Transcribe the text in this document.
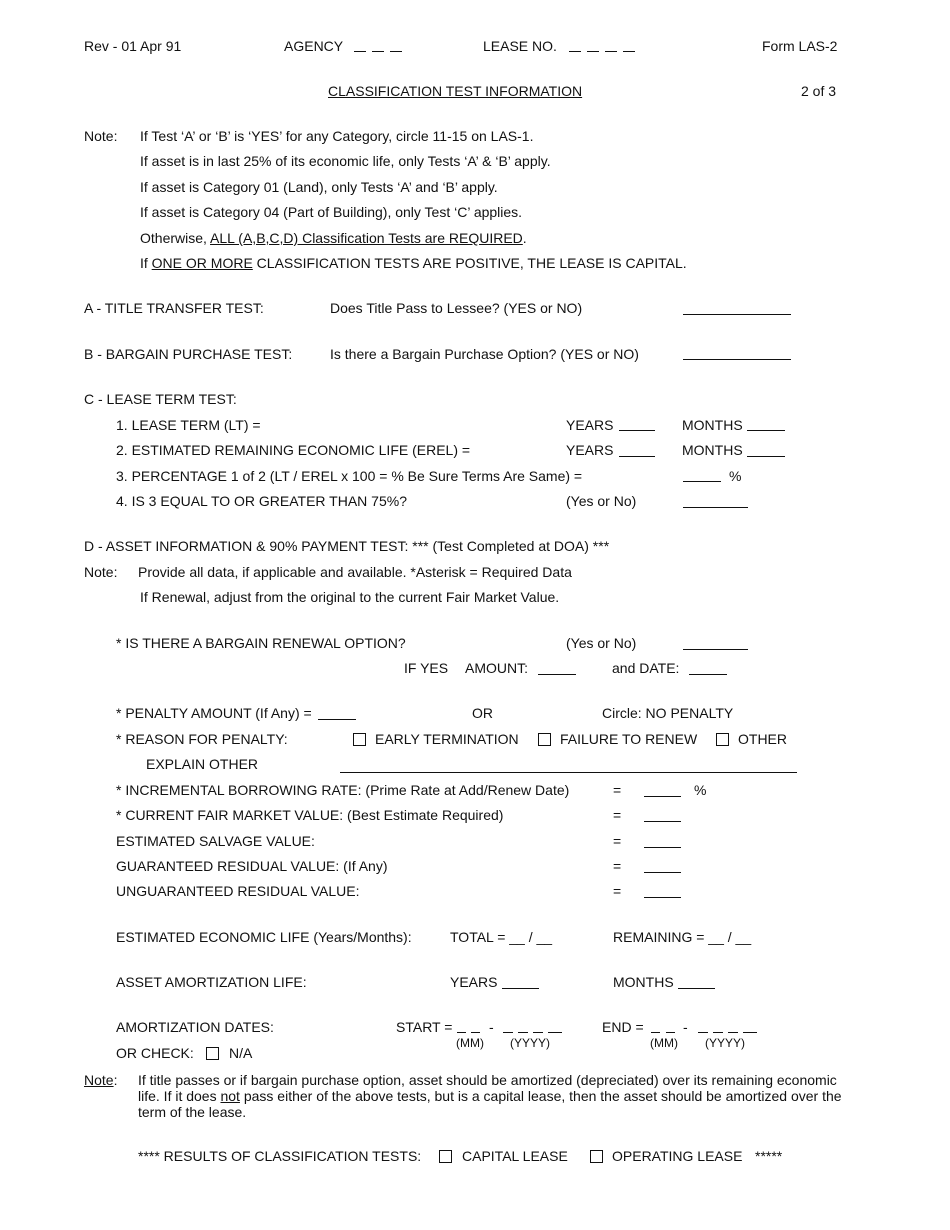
Rev - 01 Apr 91	AGENCY	LEASE NO.	Form LAS-2
CLASSIFICATION TEST INFORMATION	2 of 3
Note: If Test ‘A’ or ‘B’ is ‘YES’ for any Category, circle 11-15 on LAS-1.
If asset is in last 25% of its economic life, only Tests ‘A’ & ‘B’ apply.
If asset is Category 01 (Land), only Tests ‘A’ and ‘B’ apply.
If asset is Category 04 (Part of Building), only Test ‘C’ applies.
Otherwise, ALL (A,B,C,D) Classification Tests are REQUIRED.
If ONE OR MORE CLASSIFICATION TESTS ARE POSITIVE, THE LEASE IS CAPITAL.
A - TITLE TRANSFER TEST:	Does Title Pass to Lessee? (YES or NO)
B - BARGAIN PURCHASE TEST:	Is there a Bargain Purchase Option? (YES or NO)
C - LEASE TERM TEST:
1. LEASE TERM (LT) =	YEARS	MONTHS
2. ESTIMATED REMAINING ECONOMIC LIFE (EREL) =	YEARS	MONTHS
3. PERCENTAGE 1 of 2 (LT / EREL x 100 = % Be Sure Terms Are Same) =	%
4. IS 3 EQUAL TO OR GREATER THAN 75%?	(Yes or No)
D - ASSET INFORMATION & 90% PAYMENT TEST: *** (Test Completed at DOA) ***
Note: Provide all data, if applicable and available. *Asterisk = Required Data
If Renewal, adjust from the original to the current Fair Market Value.
* IS THERE A BARGAIN RENEWAL OPTION?	(Yes or No)
IF YES AMOUNT:	and DATE:
* PENALTY AMOUNT (If Any) =	OR	Circle: NO PENALTY
* REASON FOR PENALTY:	EARLY TERMINATION	FAILURE TO RENEW	OTHER
EXPLAIN OTHER
* INCREMENTAL BORROWING RATE: (Prime Rate at Add/Renew Date)	=	%
* CURRENT FAIR MARKET VALUE: (Best Estimate Required)	=
ESTIMATED SALVAGE VALUE:	=
GUARANTEED RESIDUAL VALUE: (If Any)	=
UNGUARANTEED RESIDUAL VALUE:	=
ESTIMATED ECONOMIC LIFE (Years/Months):	TOTAL = __ / __	REMAINING = __ / __
ASSET AMORTIZATION LIFE:	YEARS	MONTHS
AMORTIZATION DATES:	START =	-
(MM) (YYYY)
END =	-
(MM) (YYYY)
OR CHECK:	N/A
Note: If title passes or if bargain purchase option, asset should be amortized (depreciated) over its remaining economic life. If it does not pass either of the above tests, but is a capital lease, then the asset should be amortized over the term of the lease.
**** RESULTS OF CLASSIFICATION TESTS:	CAPITAL LEASE	OPERATING LEASE *****
